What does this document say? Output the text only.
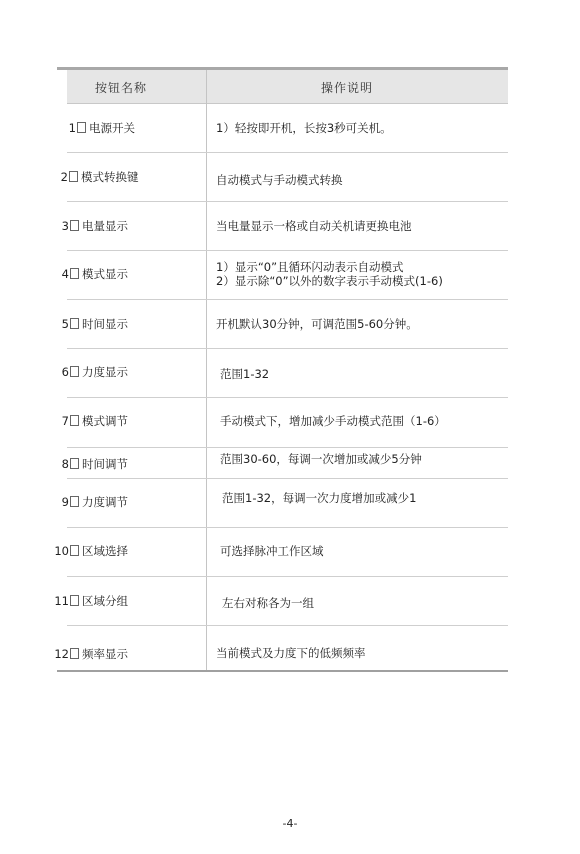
按钮名称	操作说明
1 电源开关	1）轻按即开机，长按3秒可关机。
2 模式转换键	自动模式与手动模式转换
3 电量显示	当电量显示一格或自动关机请更换电池
4 模式显示	1）显示“0”且循环闪动表示自动模式
2）显示除“0”以外的数字表示手动模式(1-6)
5 时间显示	开机默认30分钟，可调范围5-60分钟。
6 力度显示	范围1-32
7 模式调节	手动模式下，增加减少手动模式范围（1-6）
8 时间调节	范围30-60，每调一次增加或减少5分钟
9 力度调节	范围1-32，每调一次力度增加或减少1
10 区域选择	可选择脉冲工作区域
11 区域分组	左右对称各为一组
12 频率显示	当前模式及力度下的低频频率
-4-
